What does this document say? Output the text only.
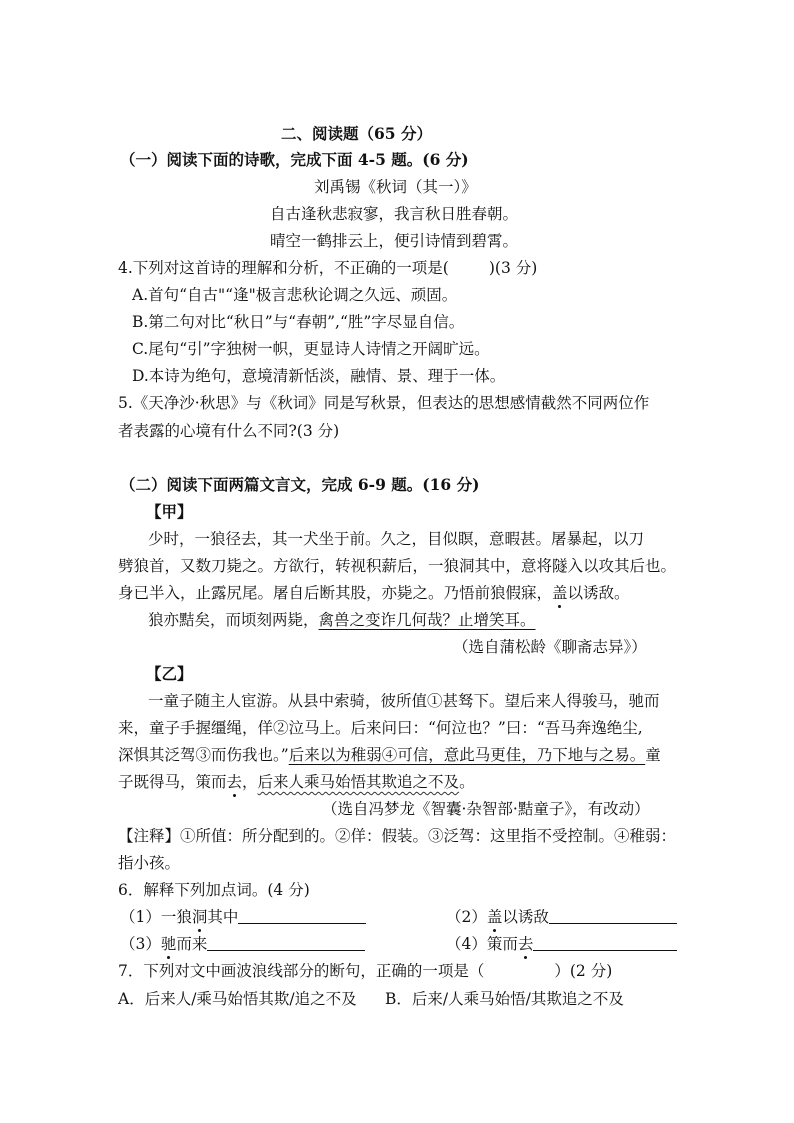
二、阅读题（65 分）
（一）阅读下面的诗歌，完成下面 4-5 题。(6 分)
刘禹锡《秋词（其一）》
自古逢秋悲寂寥，我言秋日胜春朝。
晴空一鹤排云上，便引诗情到碧霄。
4.下列对这首诗的理解和分析，不正确的一项是(	)(3 分)
A.首句“自古"“逢"极言悲秋论调之久远、顽固。
B.第二句对比“秋日”与“春朝”,“胜”字尽显自信。
C.尾句“引”字独树一帜，更显诗人诗情之开阔旷远。
D.本诗为绝句，意境清新恬淡，融情、景、理于一体。
5.《天净沙·秋思》与《秋词》同是写秋景，但表达的思想感情截然不同两位作
者表露的心境有什么不同?(3 分)
（二）阅读下面两篇文言文，完成 6-9 题。(16 分)
【甲】
少时，一狼径去，其一犬坐于前。久之，目似瞑，意暇甚。屠暴起，以刀
劈狼首，又数刀毙之。方欲行，转视积薪后，一狼洞其中，意将隧入以攻其后也。
身已半入，止露尻尾。屠自后断其股，亦毙之。乃悟前狼假寐，盖以诱敌。
狼亦黠矣，而顷刻两毙，禽兽之变诈几何哉？止增笑耳。
（选自蒲松龄《聊斋志异》）
【乙】
一童子随主人宦游。从县中索骑，彼所值①甚驽下。望后来人得骏马，驰而
来，童子手握缰绳，佯②泣马上。后来问曰：“何泣也？”曰：“吾马奔逸绝尘,
深惧其泛驾③而伤我也。”后来以为稚弱④可信，意此马更佳，乃下地与之易。童
子既得马，策而去，后来人乘马始悟其欺追之不及。
（选自冯梦龙《智囊·杂智部·黠童子》，有改动）
【注释】①所值：所分配到的。②佯：假装。③泛驾：这里指不受控制。④稚弱：
指小孩。
6．解释下列加点词。(4 分)
（1）一狼洞其中	（2）盖以诱敌
（3）驰而来	（4）策而去
7．下列对文中画波浪线部分的断句，正确的一项是（	）(2 分)
A．后来人/乘马始悟其欺/追之不及 B．后来/人乘马始悟/其欺追之不及
